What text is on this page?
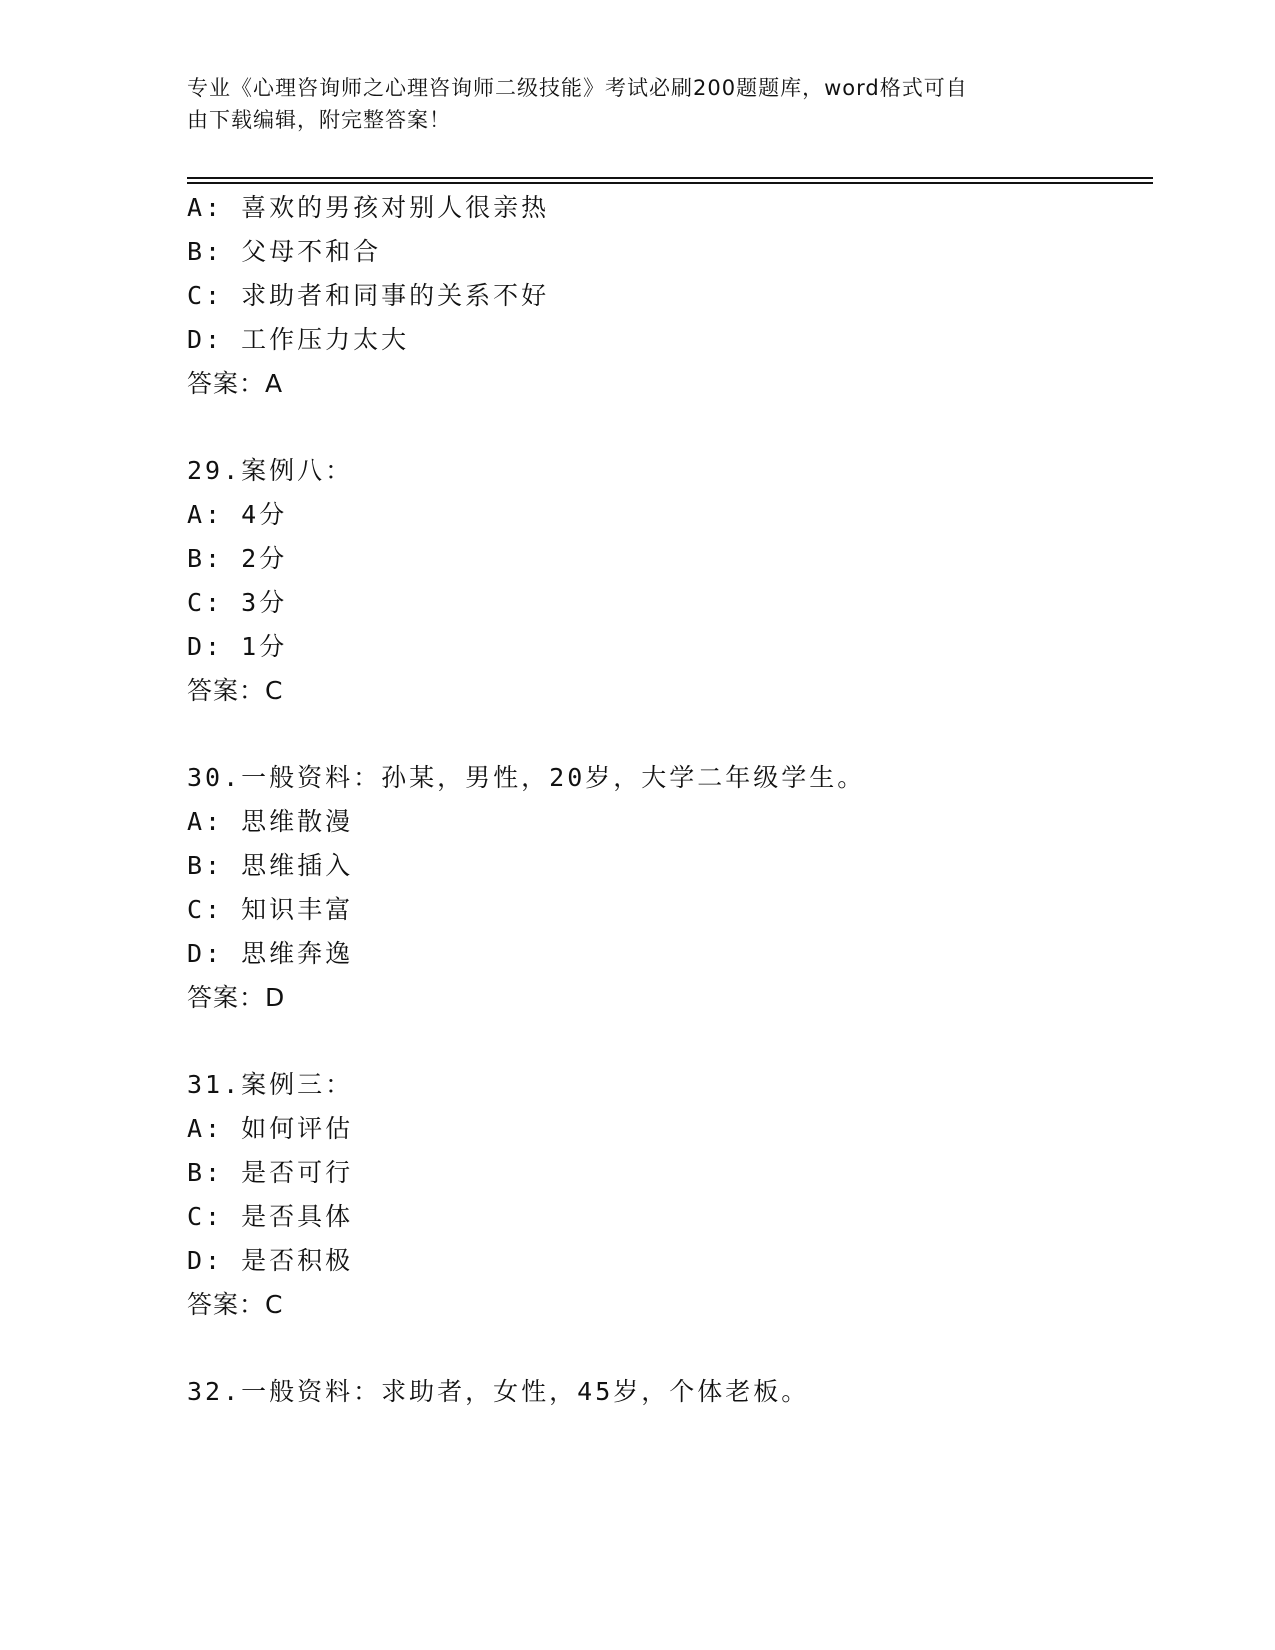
专业《心理咨询师之心理咨询师二级技能》考试必刷200题题库，word格式可自
由下载编辑，附完整答案！
A: 喜欢的男孩对别人很亲热
B: 父母不和合
C: 求助者和同事的关系不好
D: 工作压力太大
答案：A
29.案例八：
A: 4分
B: 2分
C: 3分
D: 1分
答案：C
30.一般资料：孙某，男性，20岁，大学二年级学生。
A: 思维散漫
B: 思维插入
C: 知识丰富
D: 思维奔逸
答案：D
31.案例三：
A: 如何评估
B: 是否可行
C: 是否具体
D: 是否积极
答案：C
32.一般资料：求助者，女性，45岁，个体老板。
